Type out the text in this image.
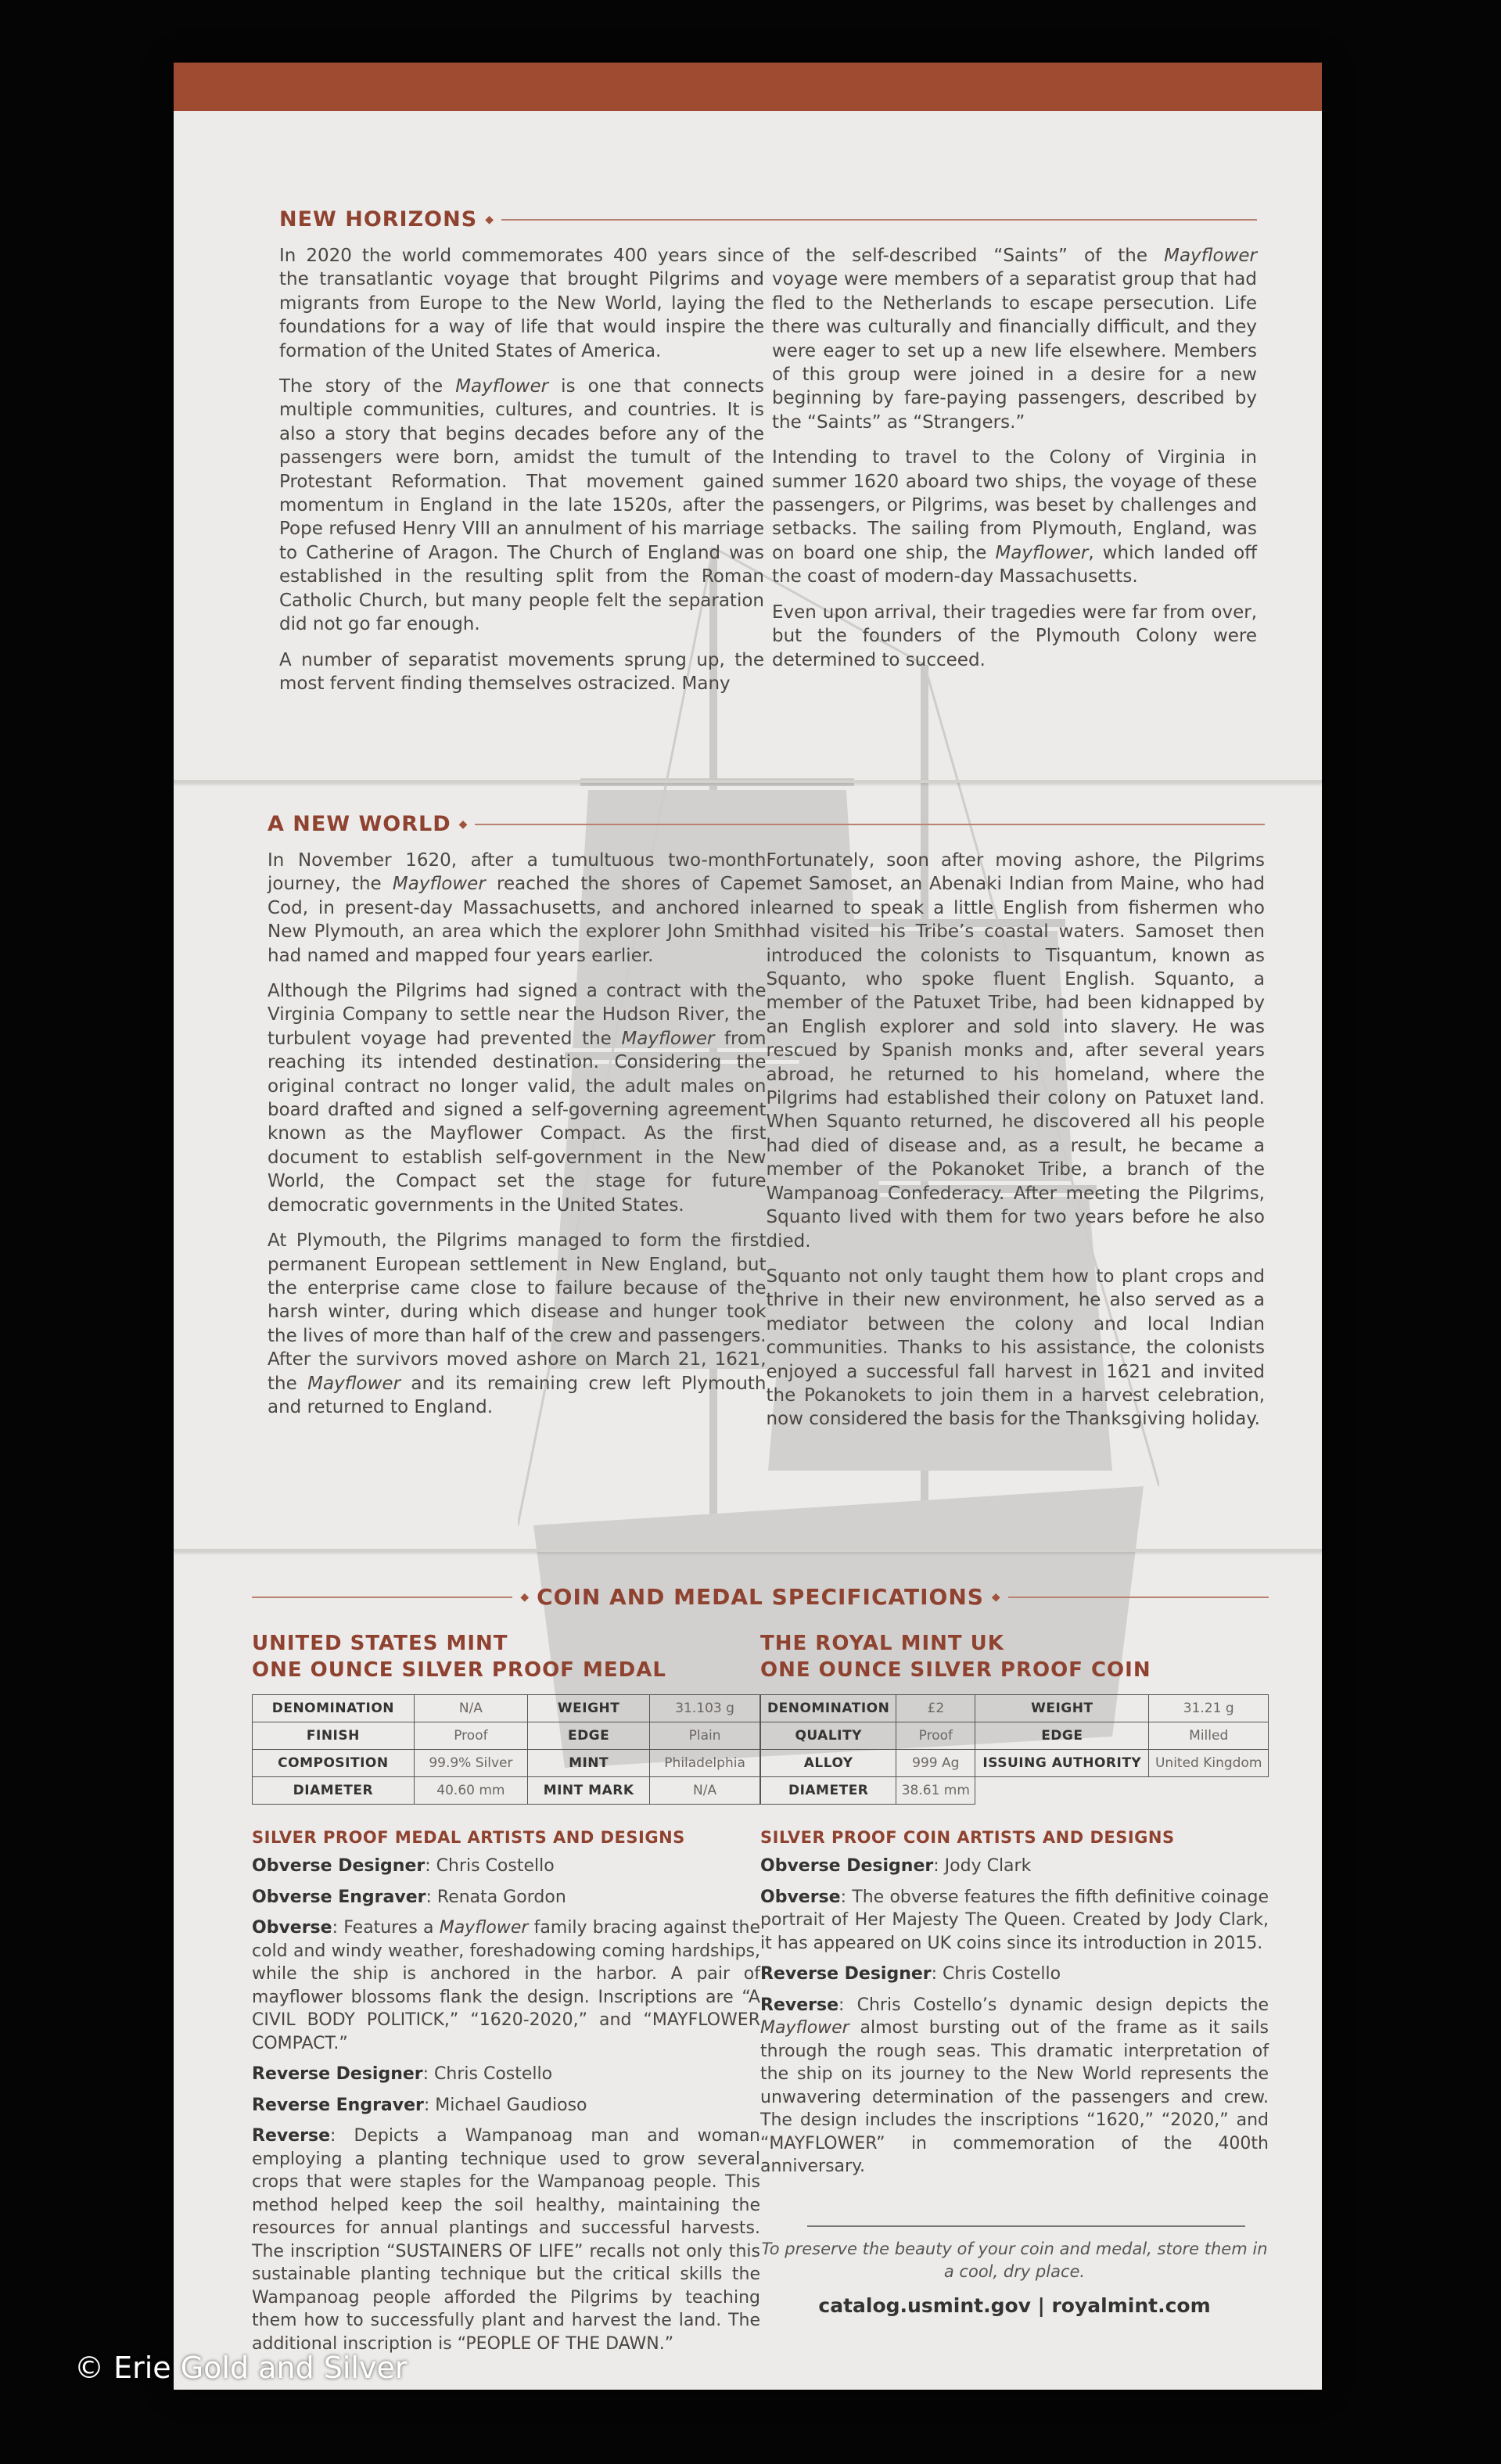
NEW HORIZONS ◆

In 2020 the world commemorates 400 years since the transatlantic voyage that brought Pilgrims and migrants from Europe to the New World, laying the foundations for a way of life that would inspire the formation of the United States of America.

The story of the Mayflower is one that connects multiple communities, cultures, and countries. It is also a story that begins decades before any of the passengers were born, amidst the tumult of the Protestant Reformation. That movement gained momentum in England in the late 1520s, after the Pope refused Henry VIII an annulment of his marriage to Catherine of Aragon. The Church of England was established in the resulting split from the Roman Catholic Church, but many people felt the separation did not go far enough.

A number of separatist movements sprung up, the most fervent finding themselves ostracized. Many

of the self-described “Saints” of the Mayflower voyage were members of a separatist group that had fled to the Netherlands to escape persecution. Life there was culturally and financially difficult, and they were eager to set up a new life elsewhere. Members of this group were joined in a desire for a new beginning by fare-paying passengers, described by the “Saints” as “Strangers.”

Intending to travel to the Colony of Virginia in summer 1620 aboard two ships, the voyage of these passengers, or Pilgrims, was beset by challenges and setbacks. The sailing from Plymouth, England, was on board one ship, the Mayflower, which landed off the coast of modern-day Massachusetts.

Even upon arrival, their tragedies were far from over, but the founders of the Plymouth Colony were determined to succeed.

A NEW WORLD ◆

In November 1620, after a tumultuous two-month journey, the Mayflower reached the shores of Cape Cod, in present-day Massachusetts, and anchored in New Plymouth, an area which the explorer John Smith had named and mapped four years earlier.

Although the Pilgrims had signed a contract with the Virginia Company to settle near the Hudson River, the turbulent voyage had prevented the Mayflower from reaching its intended destination. Considering the original contract no longer valid, the adult males on board drafted and signed a self-governing agreement known as the Mayflower Compact. As the first document to establish self-government in the New World, the Compact set the stage for future democratic governments in the United States.

At Plymouth, the Pilgrims managed to form the first permanent European settlement in New England, but the enterprise came close to failure because of the harsh winter, during which disease and hunger took the lives of more than half of the crew and passengers. After the survivors moved ashore on March 21, 1621, the Mayflower and its remaining crew left Plymouth and returned to England.

Fortunately, soon after moving ashore, the Pilgrims met Samoset, an Abenaki Indian from Maine, who had learned to speak a little English from fishermen who had visited his Tribe’s coastal waters. Samoset then introduced the colonists to Tisquantum, known as Squanto, who spoke fluent English. Squanto, a member of the Patuxet Tribe, had been kidnapped by an English explorer and sold into slavery. He was rescued by Spanish monks and, after several years abroad, he returned to his homeland, where the Pilgrims had established their colony on Patuxet land. When Squanto returned, he discovered all his people had died of disease and, as a result, he became a member of the Pokanoket Tribe, a branch of the Wampanoag Confederacy. After meeting the Pilgrims, Squanto lived with them for two years before he also died.

Squanto not only taught them how to plant crops and thrive in their new environment, he also served as a mediator between the colony and local Indian communities. Thanks to his assistance, the colonists enjoyed a successful fall harvest in 1621 and invited the Pokanokets to join them in a harvest celebration, now considered the basis for the Thanksgiving holiday.

◆ COIN AND MEDAL SPECIFICATIONS ◆
UNITED STATES MINT
ONE OUNCE SILVER PROOF MEDAL
DENOMINATION	N/A	WEIGHT	31.103 g
FINISH	Proof	EDGE	Plain
COMPOSITION	99.9% Silver	MINT	Philadelphia
DIAMETER	40.60 mm	MINT MARK	N/A
SILVER PROOF MEDAL ARTISTS AND DESIGNS

Obverse Designer: Chris Costello

Obverse Engraver: Renata Gordon

Obverse: Features a Mayflower family bracing against the cold and windy weather, foreshadowing coming hardships, while the ship is anchored in the harbor. A pair of mayflower blossoms flank the design. Inscriptions are “A CIVIL BODY POLITICK,” “1620-2020,” and “MAYFLOWER COMPACT.”

Reverse Designer: Chris Costello

Reverse Engraver: Michael Gaudioso

Reverse: Depicts a Wampanoag man and woman employing a planting technique used to grow several crops that were staples for the Wampanoag people. This method helped keep the soil healthy, maintaining the resources for annual plantings and successful harvests. The inscription “SUSTAINERS OF LIFE” recalls not only this sustainable planting technique but the critical skills the Wampanoag people afforded the Pilgrims by teaching them how to successfully plant and harvest the land. The additional inscription is “PEOPLE OF THE DAWN.”

THE ROYAL MINT UK
ONE OUNCE SILVER PROOF COIN
DENOMINATION	£2	WEIGHT	31.21 g
QUALITY	Proof	EDGE	Milled
ALLOY	999 Ag	ISSUING AUTHORITY	United Kingdom
DIAMETER	38.61 mm		
SILVER PROOF COIN ARTISTS AND DESIGNS

Obverse Designer: Jody Clark

Obverse: The obverse features the fifth definitive coinage portrait of Her Majesty The Queen. Created by Jody Clark, it has appeared on UK coins since its introduction in 2015.

Reverse Designer: Chris Costello

Reverse: Chris Costello’s dynamic design depicts the Mayflower almost bursting out of the frame as it sails through the rough seas. This dramatic interpretation of the ship on its journey to the New World represents the unwavering determination of the passengers and crew. The design includes the inscriptions “1620,” “2020,” and “MAYFLOWER” in commemoration of the 400th anniversary.

To preserve the beauty of your coin and medal, store them in a cool, dry place.
catalog.usmint.gov | royalmint.com
© Erie Gold and Silver
